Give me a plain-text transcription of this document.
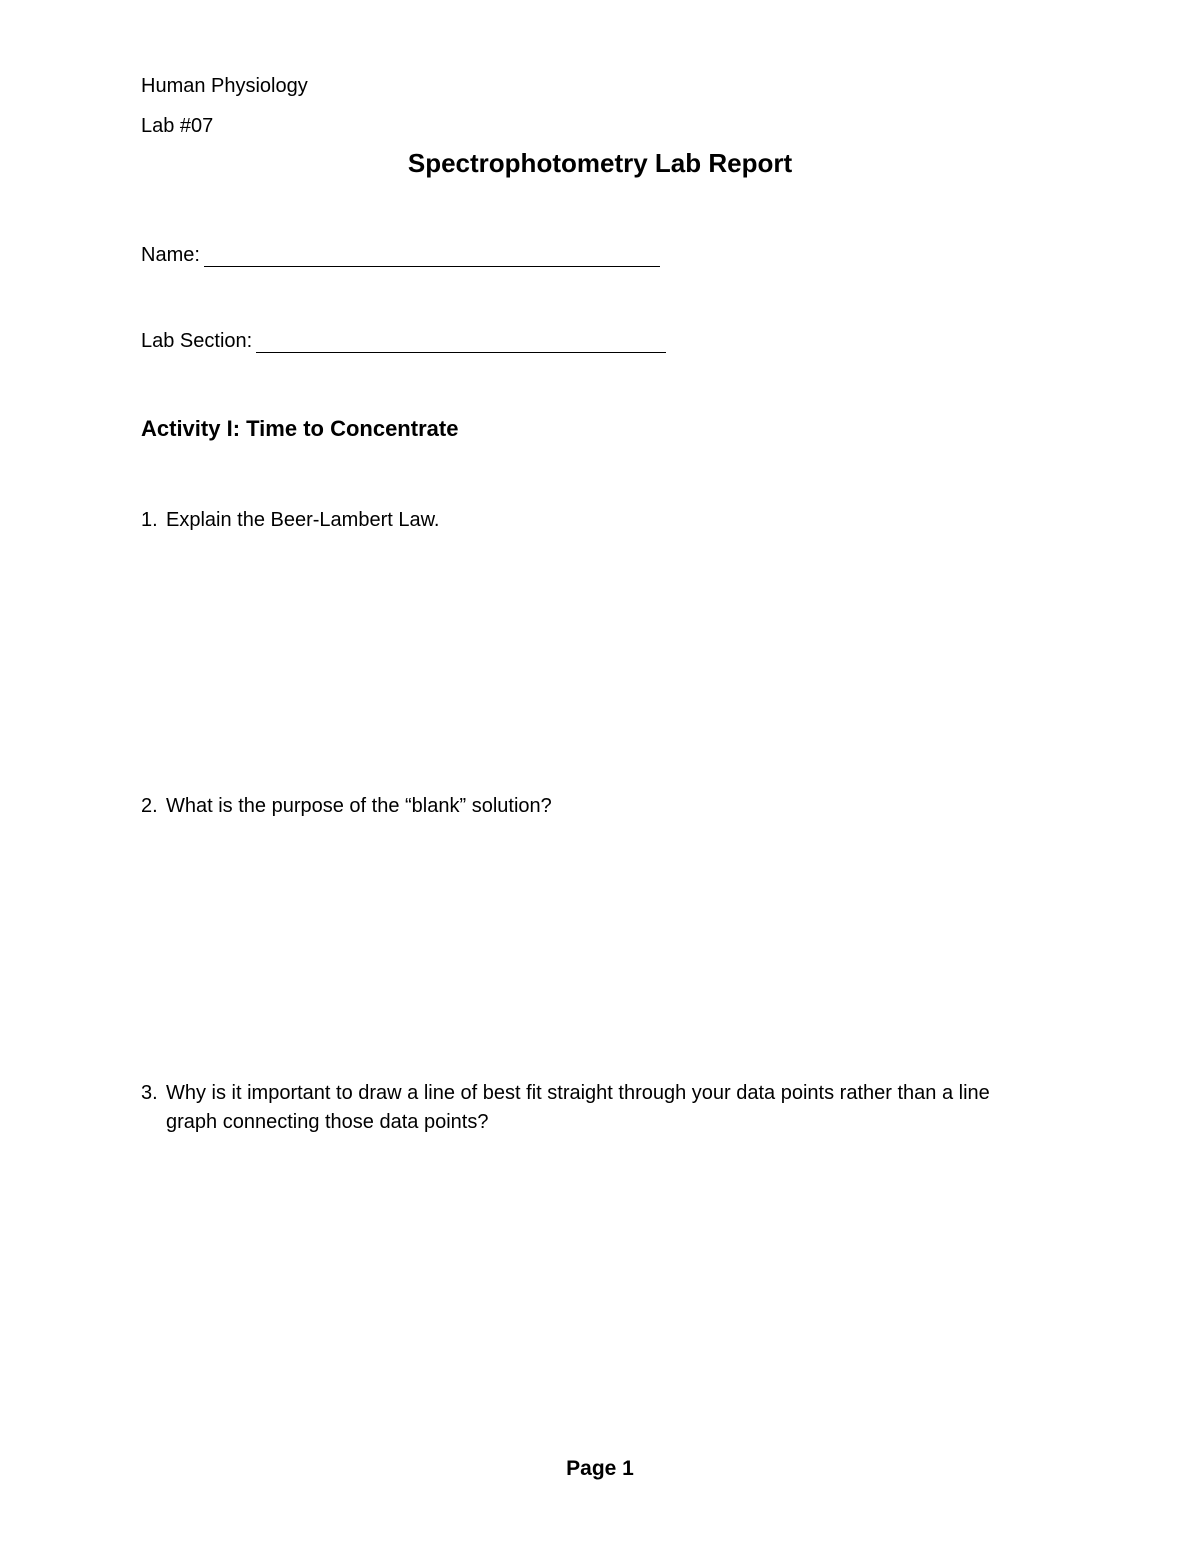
Human Physiology
Lab #07
Spectrophotometry Lab Report
Name:
Lab Section:
Activity I: Time to Concentrate
1. Explain the Beer-Lambert Law.
2. What is the purpose of the “blank” solution?
3. Why is it important to draw a line of best fit straight through your data points rather than a line graph connecting those data points?
Page 1
